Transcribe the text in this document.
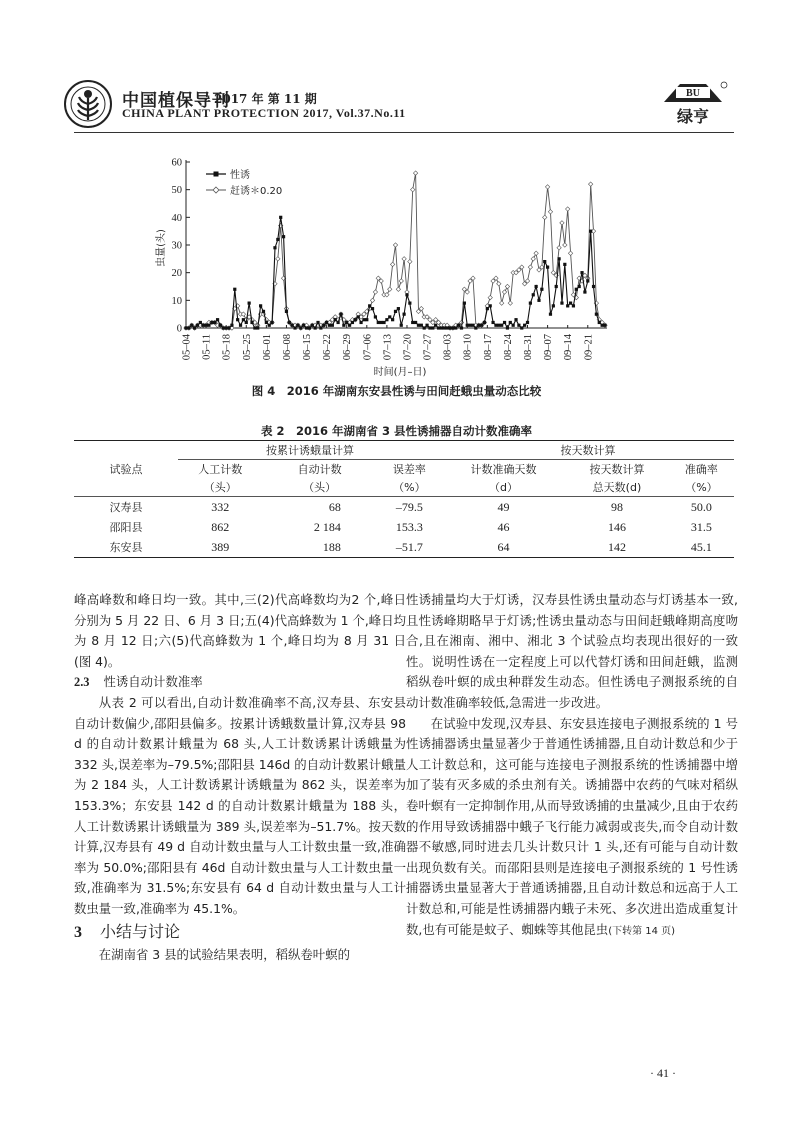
中国植保导刊
2017 年 第 11 期
CHINA PLANT PROTECTION 2017, Vol.37.No.11
BU
绿亨
0
10
20
30
40
50
60
05–04 05–11 05–18 05–25 06–01 06–08 06–15 06–22 06–29 07–06 07–13 07–20 07–27 08–03 08–10 08–17 08–24 08–31 09–07 09–14 09–21
性诱
赶诱＊0.20
虫量(头)
时间(月–日)
图 4　2016 年湖南东安县性诱与田间赶蛾虫量动态比较
表 2　2016 年湖南省 3 县性诱捕器自动计数准确率
试验点	按累计诱蛾量计算			按天数计算		
	人工计数	自动计数	误差率	计数准确天数	按天数计算	准确率
	（头）	（头）	（%）	（d）	总天数(d)	（%）
汉寿县	332	68	–79.5	49	98	50.0
邵阳县	862	2 184	153.3	46	146	31.5
东安县	389	188	–51.7	64	142	45.1

峰高峰数和峰日均一致。其中,三(2)代高峰数均为2 个,峰日分别为 5 月 22 日、6 月 3 日;五(4)代高蜂数为 1 个,峰日均为 8 月 12 日;六(5)代高蜂数为 1 个,峰日均为 8 月 31 日(图 4)。

2.3 性诱自动计数准率

从表 2 可以看出,自动计数准确率不高,汉寿县、东安县自动计数偏少,邵阳县偏多。按累计诱蛾数量计算,汉寿县 98 d 的自动计数累计蛾量为 68 头,人工计数诱累计诱蛾量为 332 头,误差率为–79.5%;邵阳县 146d 的自动计数累计蛾量为 2 184 头，人工计数诱累计诱蛾量为 862 头，误差率为153.3%；东安县 142 d 的自动计数累计蛾量为 188 头，人工计数诱累计诱蛾量为 389 头,误差率为–51.7%。按天数计算,汉寿县有 49 d 自动计数虫量与人工计数虫量一致,准确率为 50.0%;邵阳县有 46d 自动计数虫量与人工计数虫量一致,准确率为 31.5%;东安县有 64 d 自动计数虫量与人工计数虫量一致,准确率为 45.1%。

3 小结与讨论

在湖南省 3 县的试验结果表明，稻纵卷叶螟的

性诱捕量均大于灯诱，汉寿县性诱虫量动态与灯诱基本一致,且性诱峰期略早于灯诱;性诱虫量动态与田间赶蛾峰期高度吻合,且在湘南、湘中、湘北 3 个试验点均表现出很好的一致性。说明性诱在一定程度上可以代替灯诱和田间赶蛾，监测稻纵卷叶螟的成虫种群发生动态。但性诱电子测报系统的自动计数准确率较低,急需进一步改进。

在试验中发现,汉寿县、东安县连接电子测报系统的 1 号性诱捕器诱虫量显著少于普通性诱捕器,且自动计数总和少于人工计数总和，这可能与连接电子测报系统的性诱捕器中增加了装有灭多威的杀虫剂有关。诱捕器中农药的气味对稻纵卷叶螟有一定抑制作用,从而导致诱捕的虫量减少,且由于农药的作用导致诱捕器中蛾子飞行能力减弱或丧失,而令自动计数器不敏感,同时进去几头计数只计 1 头,还有可能与自动计数出现负数有关。而邵阳县则是连接电子测报系统的 1 号性诱捕器诱虫量显著大于普通诱捕器,且自动计数总和远高于人工计数总和,可能是性诱捕器内蛾子未死、多次进出造成重复计数,也有可能是蚊子、蜘蛛等其他昆虫(下转第 14 页)

· 41 ·
